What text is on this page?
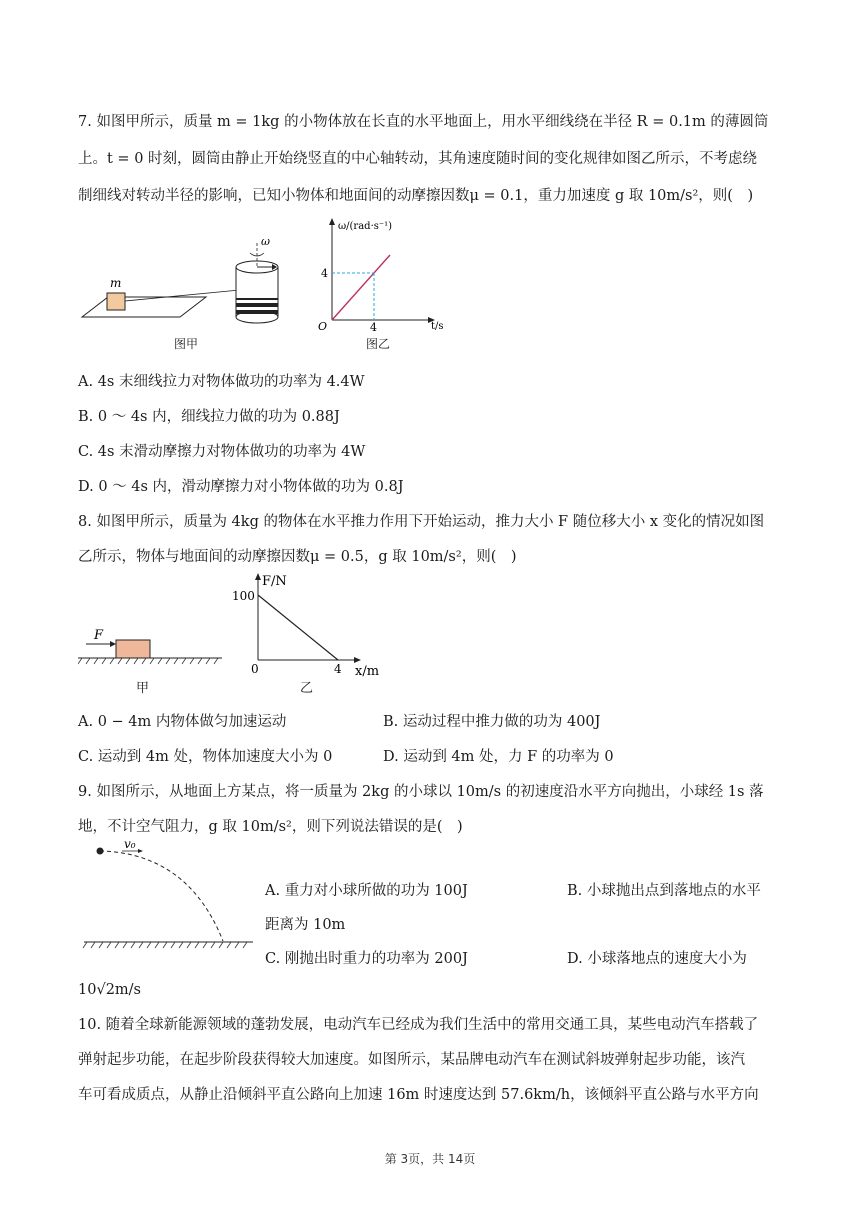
7. 如图甲所示，质量 m = 1kg 的小物体放在长直的水平地面上，用水平细线绕在半径 R = 0.1m 的薄圆筒
上。t = 0 时刻，圆筒由静止开始绕竖直的中心轴转动，其角速度随时间的变化规律如图乙所示，不考虑绕
制细线对转动半径的影响，已知小物体和地面间的动摩擦因数μ = 0.1，重力加速度 g 取 10m/s²，则(　)
m
ω
图甲
ω/(rad·s⁻¹)
t/s
O
4
4
图乙
A. 4s 末细线拉力对物体做功的功率为 4.4W
B. 0 ～ 4s 内，细线拉力做的功为 0.88J
C. 4s 末滑动摩擦力对物体做功的功率为 4W
D. 0 ～ 4s 内，滑动摩擦力对小物体做的功为 0.8J
8. 如图甲所示，质量为 4kg 的物体在水平推力作用下开始运动，推力大小 F 随位移大小 x 变化的情况如图
乙所示，物体与地面间的动摩擦因数μ = 0.5，g 取 10m/s²，则(　)
F
甲
F/N
x/m
0
100
4
乙
A. 0 − 4m 内物体做匀加速运动	B. 运动过程中推力做的功为 400J
C. 运动到 4m 处，物体加速度大小为 0	D. 运动到 4m 处，力 F 的功率为 0
9. 如图所示，从地面上方某点，将一质量为 2kg 的小球以 10m/s 的初速度沿水平方向抛出，小球经 1s 落
地，不计空气阻力，g 取 10m/s²，则下列说法错误的是(　)
v₀
A. 重力对小球所做的功为 100J	B. 小球抛出点到落地点的水平
距离为 10m
C. 刚抛出时重力的功率为 200J	D. 小球落地点的速度大小为
10√2m/s
10. 随着全球新能源领域的蓬勃发展，电动汽车已经成为我们生活中的常用交通工具，某些电动汽车搭载了
弹射起步功能，在起步阶段获得较大加速度。如图所示，某品牌电动汽车在测试斜坡弹射起步功能，该汽
车可看成质点，从静止沿倾斜平直公路向上加速 16m 时速度达到 57.6km/h，该倾斜平直公路与水平方向
第 3页，共 14页
